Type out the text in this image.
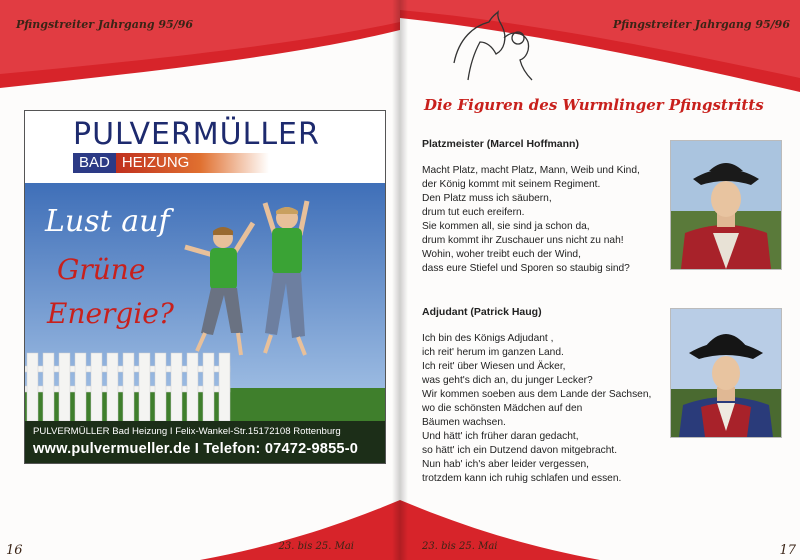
Pfingstreiter Jahrgang 95/96
PULVERMÜLLER
BAD HEIZUNG
Lust auf
Grüne
Energie?
PULVERMÜLLER Bad Heizung I Felix-Wankel-Str.15172108 Rottenburg
www.pulvermueller.de I Telefon: 07472-9855-0
23. bis 25. Mai
16
Pfingstreiter Jahrgang 95/96
Die Figuren des Wurmlinger Pfingstritts
Platzmeister (Marcel Hoffmann)
Macht Platz, macht Platz, Mann, Weib und Kind,
der König kommt mit seinem Regiment.
Den Platz muss ich säubern,
drum tut euch ereifern.
Sie kommen all, sie sind ja schon da,
drum kommt ihr Zuschauer uns nicht zu nah!
Wohin, woher treibt euch der Wind,
dass eure Stiefel und Sporen so staubig sind?
Adjudant (Patrick Haug)
Ich bin des Königs Adjudant ,
ich reit' herum im ganzen Land.
Ich reit' über Wiesen und Äcker,
was geht's dich an, du junger Lecker?
Wir kommen soeben aus dem Lande der Sachsen,
wo die schönsten Mädchen auf den
Bäumen wachsen.
Und hätt' ich früher daran gedacht,
so hätt' ich ein Dutzend davon mitgebracht.
Nun hab' ich's aber leider vergessen,
trotzdem kann ich ruhig schlafen und essen.
23. bis 25. Mai	17
